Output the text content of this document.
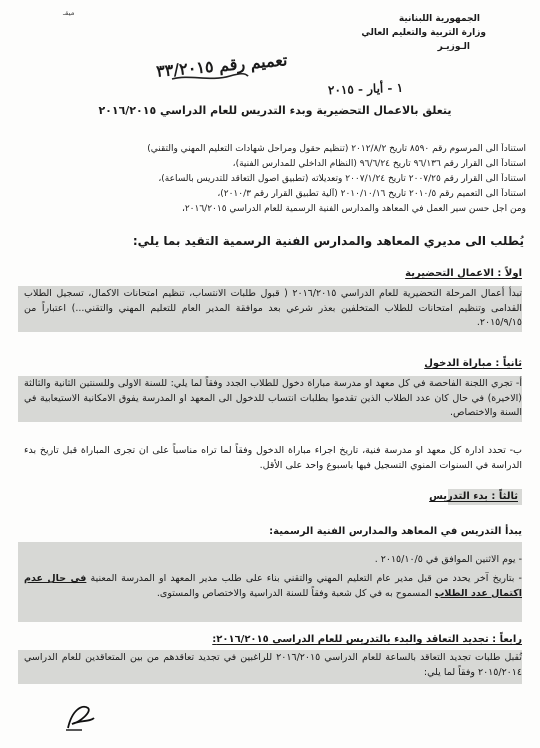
الجمهورية اللبنانية
وزارة التربية والتعليم العالي
الـوزيـر
ميقـ
تعميم رقم ٣٣/٢٠١٥
١ - أيار - ٢٠١٥
يتعلق بالاعمال التحضيرية وبدء التدريس للعام الدراسي ٢٠١٦/٢٠١٥
استناداً الى المرسوم رقم ٨٥٩٠ تاريخ ٢٠١٢/٨/٢ (تنظيم حقول ومراحل شهادات التعليم المهني والتقني)
استناداً الى القرار رقم ٩٦/١٣٦ تاريخ ٩٦/٦/٢٤ (النظام الداخلي للمدارس الفنية)،
استناداً الى القرار رقم ٢٠٠٧/٢٥ تاريخ ٢٠٠٧/١/٢٤ وتعديلاته (تطبيق اصول التعاقد للتدريس بالساعة)،
استناداً الى التعميم رقم ٢٠١٠/٥ تاريخ ٢٠١٠/١٠/١٦ (آلية تطبيق القرار رقم ٢٠١٠/٣)،
ومن اجل حسن سير العمل في المعاهد والمدارس الفنية الرسمية للعام الدراسي ٢٠١٦/٢٠١٥،
يُطلب الى مديري المعاهد والمدارس الفنية الرسمية التقيد بما يلي:
اولاً : الاعمال التحضيرية
تبدأ أعمال المرحلة التحضيرية للعام الدراسي ٢٠١٦/٢٠١٥ ( قبول طلبات الانتساب، تنظيم امتحانات الاكمال، تسجيل الطلاب القدامى وتنظيم امتحانات للطلاب المتخلفين بعذر شرعي بعد موافقة المدير العام للتعليم المهني والتقني...) اعتباراً من ٢٠١٥/٩/١٥.
ثانياً : مباراة الدخول
أ- تجري اللجنة الفاحصة في كل معهد او مدرسة مباراة دخول للطلاب الجدد وفقاً لما يلي: للسنة الاولى وللسنتين الثانية والثالثة (الاخيرة) في حال كان عدد الطلاب الذين تقدموا بطلبات انتساب للدخول الى المعهد او المدرسة يفوق الامكانية الاستيعابية في السنة والاختصاص.
ب- تحدد ادارة كل معهد او مدرسة فنية، تاريخ اجراء مباراة الدخول وفقاً لما تراه مناسباً على ان تجرى المباراة قبل تاريخ بدء الدراسة في السنوات المنوي التسجيل فيها باسبوع واحد على الأقل.
ثالثاً : بدء التدريس
يبدأ التدريس في المعاهد والمدارس الفنية الرسمية:
- يوم الاثنين الموافق في ٢٠١٥/١٠/٥ .
- بتاريخ آخر يحدد من قبل مدير عام التعليم المهني والتقني بناء على طلب مدير المعهد او المدرسة المعنية في حال عدم اكتمال عدد الطلاب المسموح به في كل شعبة وفقاً للسنة الدراسية والاختصاص والمستوى.
رابعاً : تجديد التعاقد والبدء بالتدريس للعام الدراسي ٢٠١٦/٢٠١٥:
تُقبل طلبات تجديد التعاقد بالساعة للعام الدراسي ٢٠١٦/٢٠١٥ للراغبين في تجديد تعاقدهم من بين المتعاقدين للعام الدراسي ٢٠١٥/٢٠١٤ وفقاً لما يلي:
